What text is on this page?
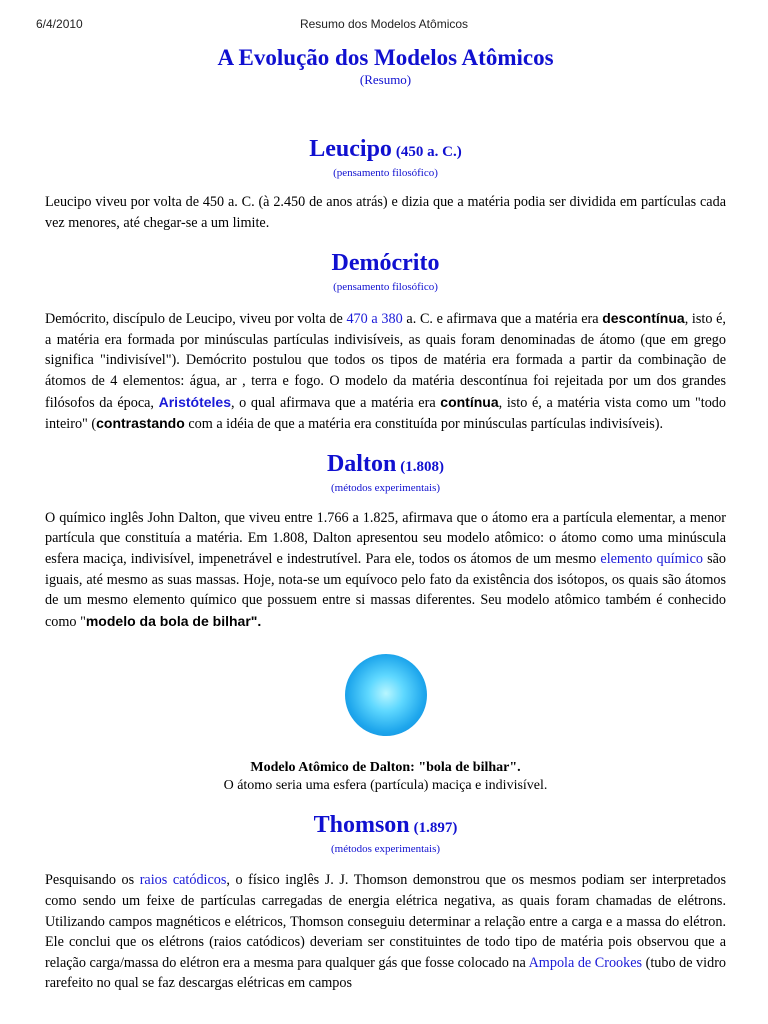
6/4/2010	Resumo dos Modelos Atômicos
A Evolução dos Modelos Atômicos
(Resumo)
Leucipo (450 a. C.)
(pensamento filosófico)

Leucipo viveu por volta de 450 a. C. (à 2.450 de anos atrás) e dizia que a matéria podia ser dividida em partículas cada vez menores, até chegar-se a um limite.

Demócrito
(pensamento filosófico)

Demócrito, discípulo de Leucipo, viveu por volta de 470 a 380 a. C. e afirmava que a matéria era descontínua, isto é, a matéria era formada por minúsculas partículas indivisíveis, as quais foram denominadas de átomo (que em grego significa "indivisível"). Demócrito postulou que todos os tipos de matéria era formada a partir da combinação de átomos de 4 elementos: água, ar , terra e fogo. O modelo da matéria descontínua foi rejeitada por um dos grandes filósofos da época, Aristóteles, o qual afirmava que a matéria era contínua, isto é, a matéria vista como um "todo inteiro" (contrastando com a idéia de que a matéria era constituída por minúsculas partículas indivisíveis).

Dalton (1.808)
(métodos experimentais)

O químico inglês John Dalton, que viveu entre 1.766 a 1.825, afirmava que o átomo era a partícula elementar, a menor partícula que constituía a matéria. Em 1.808, Dalton apresentou seu modelo atômico: o átomo como uma minúscula esfera maciça, indivisível, impenetrável e indestrutível. Para ele, todos os átomos de um mesmo elemento químico são iguais, até mesmo as suas massas. Hoje, nota-se um equívoco pelo fato da existência dos isótopos, os quais são átomos de um mesmo elemento químico que possuem entre si massas diferentes. Seu modelo atômico também é conhecido como "modelo da bola de bilhar".

Modelo Atômico de Dalton: "bola de bilhar".
O átomo seria uma esfera (partícula) maciça e indivisível.
Thomson (1.897)
(métodos experimentais)

Pesquisando os raios catódicos, o físico inglês J. J. Thomson demonstrou que os mesmos podiam ser interpretados como sendo um feixe de partículas carregadas de energia elétrica negativa, as quais foram chamadas de elétrons. Utilizando campos magnéticos e elétricos, Thomson conseguiu determinar a relação entre a carga e a massa do elétron. Ele conclui que os elétrons (raios catódicos) deveriam ser constituintes de todo tipo de matéria pois observou que a relação carga/massa do elétron era a mesma para qualquer gás que fosse colocado na Ampola de Crookes (tubo de vidro rarefeito no qual se faz descargas elétricas em campos
